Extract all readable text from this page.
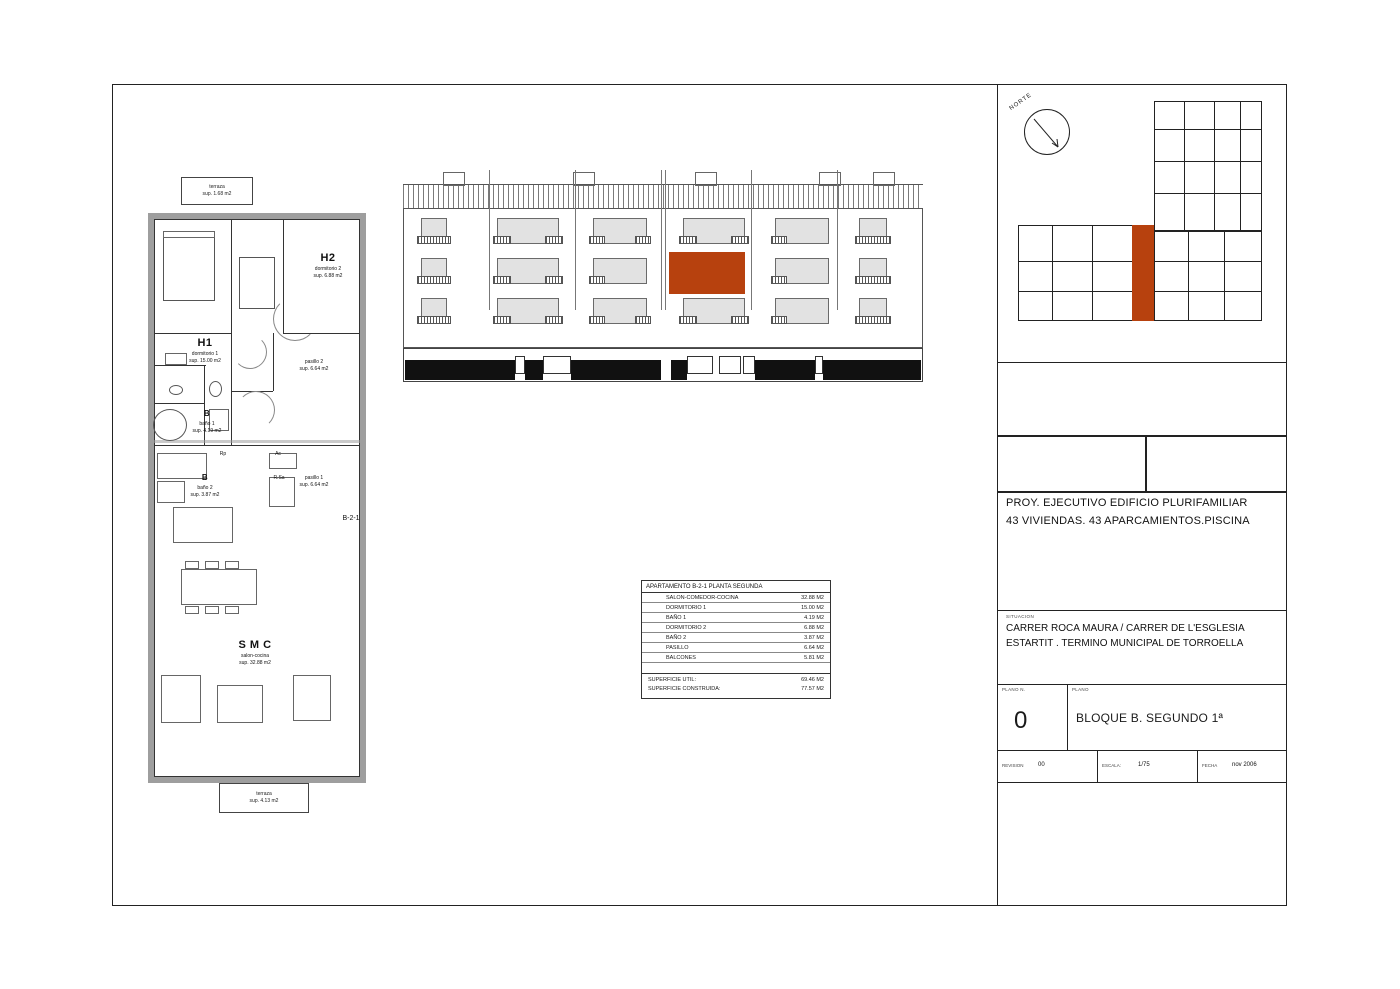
terraza
sup. 1.68 m2
Rp	Ac
R.Sa
H1
dormitorio 1
sup. 15.00 m2
H2
dormitorio 2
sup. 6.88 m2
B
baño 1
sup. 4.19 m2
B
baño 2
sup. 3.87 m2
pasillo 2
sup. 6.64 m2
pasillo 1
sup. 6.64 m2
S M C
salon-cocina
sup. 32.88 m2
B-2-1
terraza
sup. 4.13 m2
APARTAMENTO B-2-1 PLANTA SEGUNDA
SALON-COMEDOR-COCINA	32.88 M2
DORMITORIO 1	15.00 M2
BAÑO 1	4.19 M2
DORMITORIO 2	6.88 M2
BAÑO 2	3.87 M2
PASILLO	6.64 M2
BALCONES	5.81 M2
SUPERFICIE UTIL:	69.46 M2
SUPERFICIE CONSTRUIDA:	77.57 M2
NORTE
PROY. EJECUTIVO EDIFICIO PLURIFAMILIAR
43 VIVIENDAS. 43 APARCAMIENTOS.PISCINA
SITUACION
CARRER ROCA MAURA / CARRER DE L'ESGLESIA
ESTARTIT . TERMINO MUNICIPAL DE TORROELLA
PLANO N.
0
PLANO
BLOQUE B. SEGUNDO 1ª
REVISION 00	ESCALA:	1/75	FECHA nov 2006
